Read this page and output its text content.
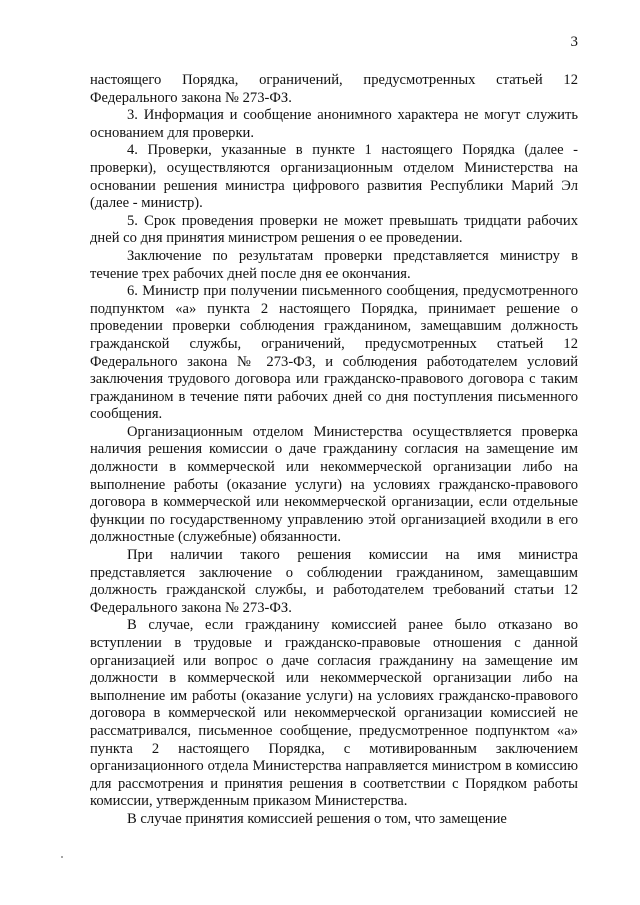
3

настоящего Порядка, ограничений, предусмотренных статьей 12 Федерального закона № 273-ФЗ.

3. Информация и сообщение анонимного характера не могут служить основанием для проверки.

4. Проверки, указанные в пункте 1 настоящего Порядка (далее - проверки), осуществляются организационным отделом Министерства на основании решения министра цифрового развития Республики Марий Эл (далее - министр).

5. Срок проведения проверки не может превышать тридцати рабочих дней со дня принятия министром решения о ее проведении.

Заключение по результатам проверки представляется министру в течение трех рабочих дней после дня ее окончания.

6. Министр при получении письменного сообщения, предусмотренного подпунктом «а» пункта 2 настоящего Порядка, принимает решение о проведении проверки соблюдения гражданином, замещавшим должность гражданской службы, ограничений, предусмотренных статьей 12 Федерального закона № 273-ФЗ, и соблюдения работодателем условий заключения трудового договора или гражданско-правового договора с таким гражданином в течение пяти рабочих дней со дня поступления письменного сообщения.

Организационным отделом Министерства осуществляется проверка наличия решения комиссии о даче гражданину согласия на замещение им должности в коммерческой или некоммерческой организации либо на выполнение работы (оказание услуги) на условиях гражданско-правового договора в коммерческой или некоммерческой организации, если отдельные функции по государственному управлению этой организацией входили в его должностные (служебные) обязанности.

При наличии такого решения комиссии на имя министра представляется заключение о соблюдении гражданином, замещавшим должность гражданской службы, и работодателем требований статьи 12 Федерального закона № 273-ФЗ.

В случае, если гражданину комиссией ранее было отказано во вступлении в трудовые и гражданско-правовые отношения с данной организацией или вопрос о даче согласия гражданину на замещение им должности в коммерческой или некоммерческой организации либо на выполнение им работы (оказание услуги) на условиях гражданско-правового договора в коммерческой или некоммерческой организации комиссией не рассматривался, письменное сообщение, предусмотренное подпунктом «а» пункта 2 настоящего Порядка, с мотивированным заключением организационного отдела Министерства направляется министром в комиссию для рассмотрения и принятия решения в соответствии с Порядком работы комиссии, утвержденным приказом Министерства.

В случае принятия комиссией решения о том, что замещение
